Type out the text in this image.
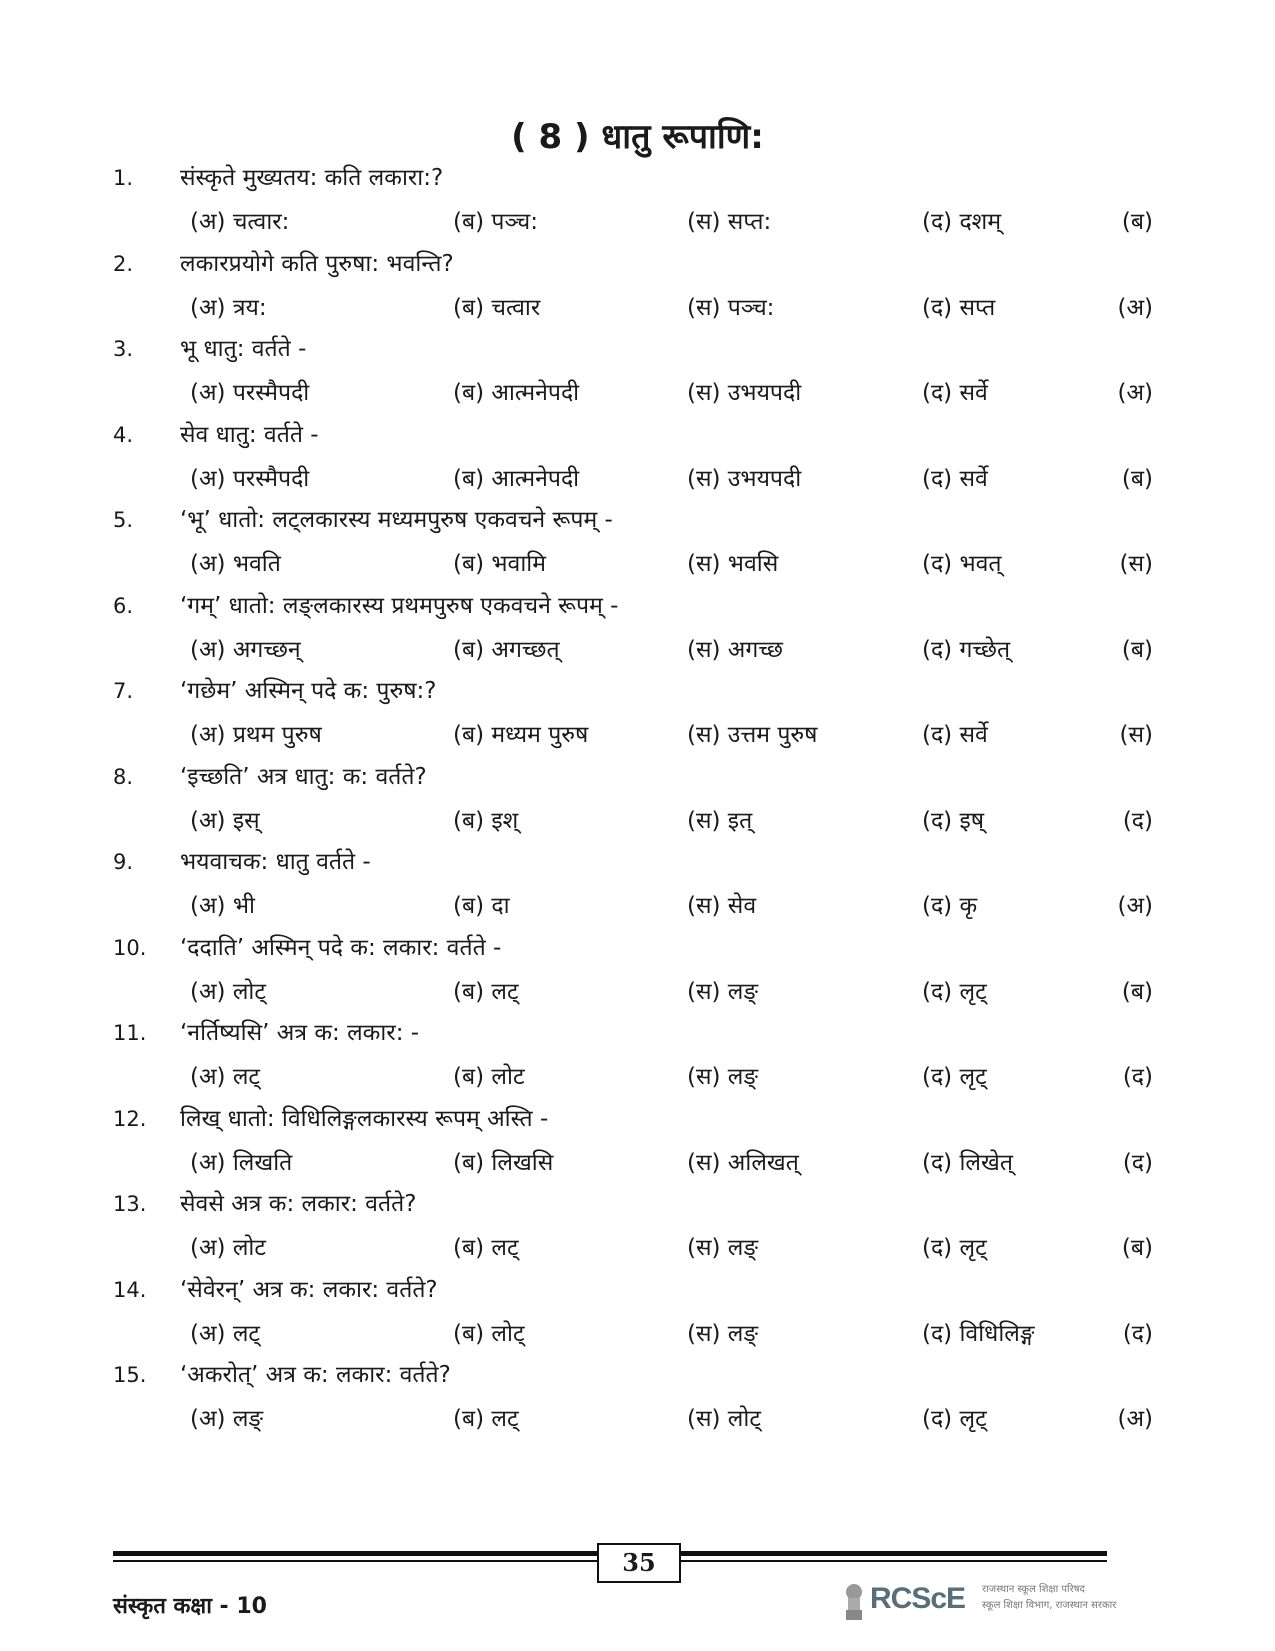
( 8 ) धातु रूपाणि:
1. संस्कृते मुख्यतय: कति लकारा:?
(अ) चत्वार:	(ब) पञ्च:	(स) सप्त:	(द) दशम्	(ब)
2. लकारप्रयोगे कति पुरुषा: भवन्ति?
(अ) त्रय:	(ब) चत्वार	(स) पञ्च:	(द) सप्त	(अ)
3. भू धातु: वर्तते -
(अ) परस्मैपदी	(ब) आत्मनेपदी	(स) उभयपदी	(द) सर्वे	(अ)
4. सेव धातु: वर्तते -
(अ) परस्मैपदी	(ब) आत्मनेपदी	(स) उभयपदी	(द) सर्वे	(ब)
5. ‘भू’ धातो: लट्लकारस्य मध्यमपुरुष एकवचने रूपम् -
(अ) भवति	(ब) भवामि	(स) भवसि	(द) भवत्	(स)
6. ‘गम्’ धातो: लङ्लकारस्य प्रथमपुरुष एकवचने रूपम् -
(अ) अगच्छन्	(ब) अगच्छत्	(स) अगच्छ	(द) गच्छेत्	(ब)
7. ‘गछेम’ अस्मिन् पदे क: पुरुष:?
(अ) प्रथम पुरुष	(ब) मध्यम पुरुष	(स) उत्तम पुरुष	(द) सर्वे	(स)
8. ‘इच्छति’ अत्र धातु: क: वर्तते?
(अ) इस्	(ब) इश्	(स) इत्	(द) इष्	(द)
9. भयवाचक: धातु वर्तते -
(अ) भी	(ब) दा	(स) सेव	(द) कृ	(अ)
10. ‘ददाति’ अस्मिन् पदे क: लकार: वर्तते -
(अ) लोट्	(ब) लट्	(स) लङ्	(द) लृट्	(ब)
11. ‘नर्तिष्यसि’ अत्र क: लकार: -
(अ) लट्	(ब) लोट	(स) लङ्	(द) लृट्	(द)
12. लिख् धातो: विधिलिङ्गलकारस्य रूपम् अस्ति -
(अ) लिखति	(ब) लिखसि	(स) अलिखत्	(द) लिखेत्	(द)
13. सेवसे अत्र क: लकार: वर्तते?
(अ) लोट	(ब) लट्	(स) लङ्	(द) लृट्	(ब)
14. ‘सेवेरन्’ अत्र क: लकार: वर्तते?
(अ) लट्	(ब) लोट्	(स) लङ्	(द) विधिलिङ्ग	(द)
15. ‘अकरोत्’ अत्र क: लकार: वर्तते?
(अ) लङ्	(ब) लट्	(स) लोट्	(द) लृट्	(अ)
35
संस्कृत कक्षा - 10	RCScE राजस्थान स्कूल शिक्षा परिषद
स्कूल शिक्षा विभाग, राजस्थान सरकार
